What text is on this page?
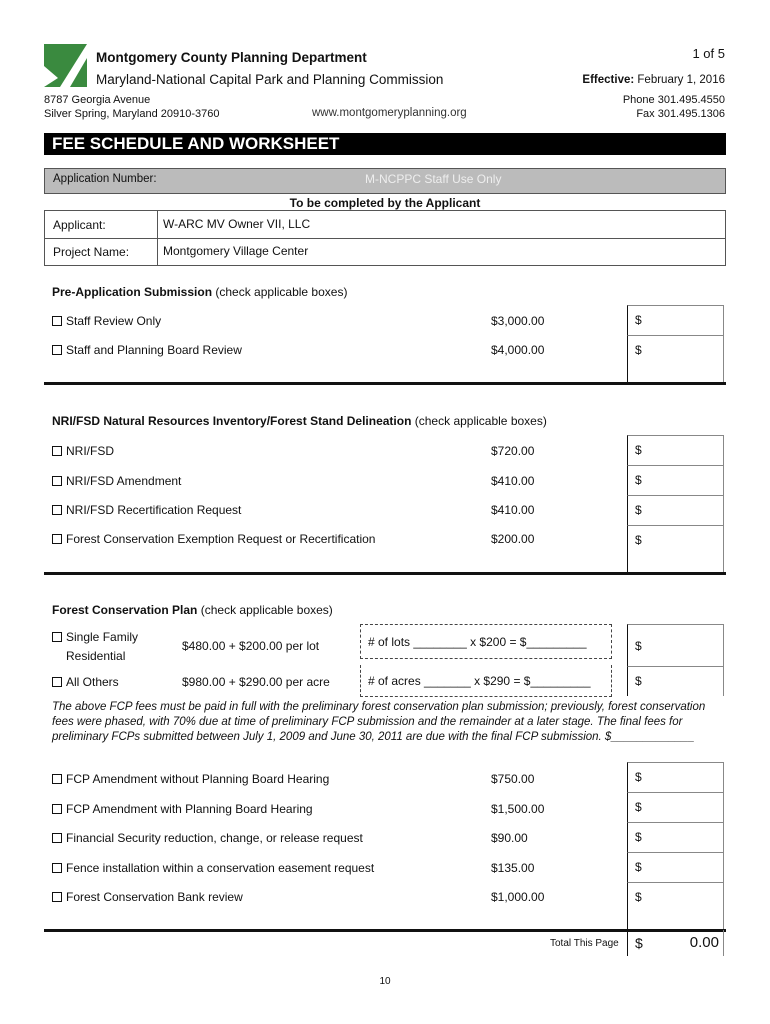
Montgomery County Planning Department
Maryland-National Capital Park and Planning Commission
1 of 5
Effective: February 1, 2016
8787 Georgia Avenue
Silver Spring, Maryland 20910-3760	www.montgomeryplanning.org
Phone 301.495.4550
Fax 301.495.1306
FEE SCHEDULE AND WORKSHEET
Application Number:	M-NCPPC Staff Use Only
To be completed by the Applicant
Applicant:	W-ARC MV Owner VII, LLC
Project Name:	Montgomery Village Center
Pre-Application Submission (check applicable boxes)
Staff Review Only	$3,000.00	$
Staff and Planning Board Review	$4,000.00	$
NRI/FSD Natural Resources Inventory/Forest Stand Delineation (check applicable boxes)
NRI/FSD	$720.00	$
NRI/FSD Amendment	$410.00	$
NRI/FSD Recertification Request	$410.00	$
Forest Conservation Exemption Request or Recertification	$200.00	$
Forest Conservation Plan (check applicable boxes)
Single Family
Residential
$480.00 + $200.00 per lot	# of lots ________ x $200 = $_________	$
All Others	$980.00 + $290.00 per acre	# of acres _______ x $290 = $_________	$
The above FCP fees must be paid in full with the preliminary forest conservation plan submission; previously, forest conservation fees were phased, with 70% due at time of preliminary FCP submission and the remainder at a later stage. The final fees for preliminary FCPs submitted between July 1, 2009 and June 30, 2011 are due with the final FCP submission. $_____________
FCP Amendment without Planning Board Hearing	$750.00	$
FCP Amendment with Planning Board Hearing	$1,500.00	$
Financial Security reduction, change, or release request	$90.00	$
Fence installation within a conservation easement request	$135.00	$
Forest Conservation Bank review	$1,000.00	$
Total This Page $	0.00
10
